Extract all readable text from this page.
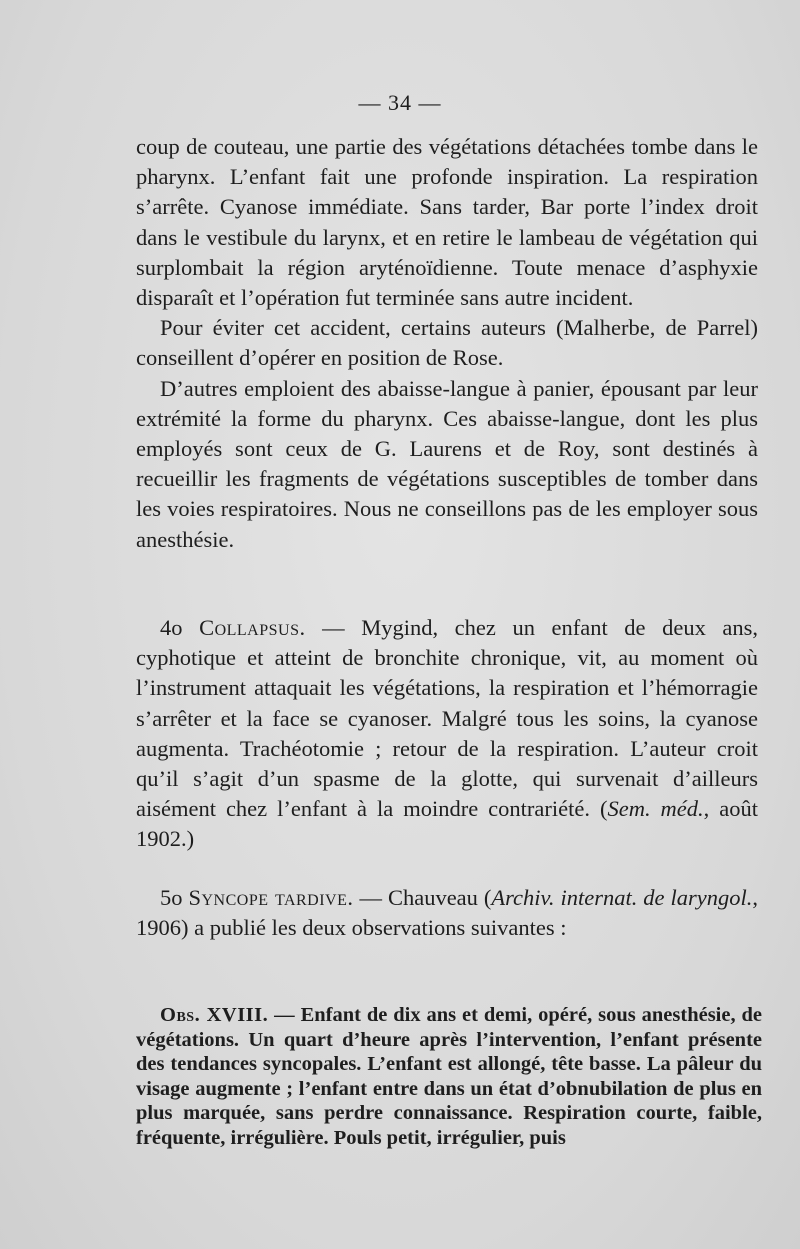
— 34 —

coup de couteau, une partie des végétations détachées tombe dans le pharynx. L’enfant fait une profonde inspiration. La respiration s’arrête. Cyanose immédiate. Sans tarder, Bar porte l’index droit dans le vestibule du larynx, et en retire le lambeau de végétation qui surplombait la région aryténoïdienne. Toute menace d’asphyxie disparaît et l’opération fut terminée sans autre incident.

Pour éviter cet accident, certains auteurs (Malherbe, de Parrel) conseillent d’opérer en position de Rose.

D’autres emploient des abaisse-langue à panier, épousant par leur extrémité la forme du pharynx. Ces abaisse-langue, dont les plus employés sont ceux de G. Laurens et de Roy, sont destinés à recueillir les fragments de végétations susceptibles de tomber dans les voies respiratoires. Nous ne conseillons pas de les employer sous anesthésie.

4o Collapsus. — Mygind, chez un enfant de deux ans, cyphotique et atteint de bronchite chronique, vit, au moment où l’instrument attaquait les végétations, la respiration et l’hémorragie s’arrêter et la face se cyanoser. Malgré tous les soins, la cyanose augmenta. Trachéotomie ; retour de la respiration. L’auteur croit qu’il s’agit d’un spasme de la glotte, qui survenait d’ailleurs aisément chez l’enfant à la moindre contrariété. (Sem. méd., août 1902.)

5o Syncope tardive. — Chauveau (Archiv. internat. de laryngol., 1906) a publié les deux observations suivantes :

Obs. XVIII. — Enfant de dix ans et demi, opéré, sous anesthésie, de végétations. Un quart d’heure après l’intervention, l’enfant présente des tendances syncopales. L’enfant est allongé, tête basse. La pâleur du visage augmente ; l’enfant entre dans un état d’obnubilation de plus en plus marquée, sans perdre connaissance. Respiration courte, faible, fréquente, irrégulière. Pouls petit, irrégulier, puis
